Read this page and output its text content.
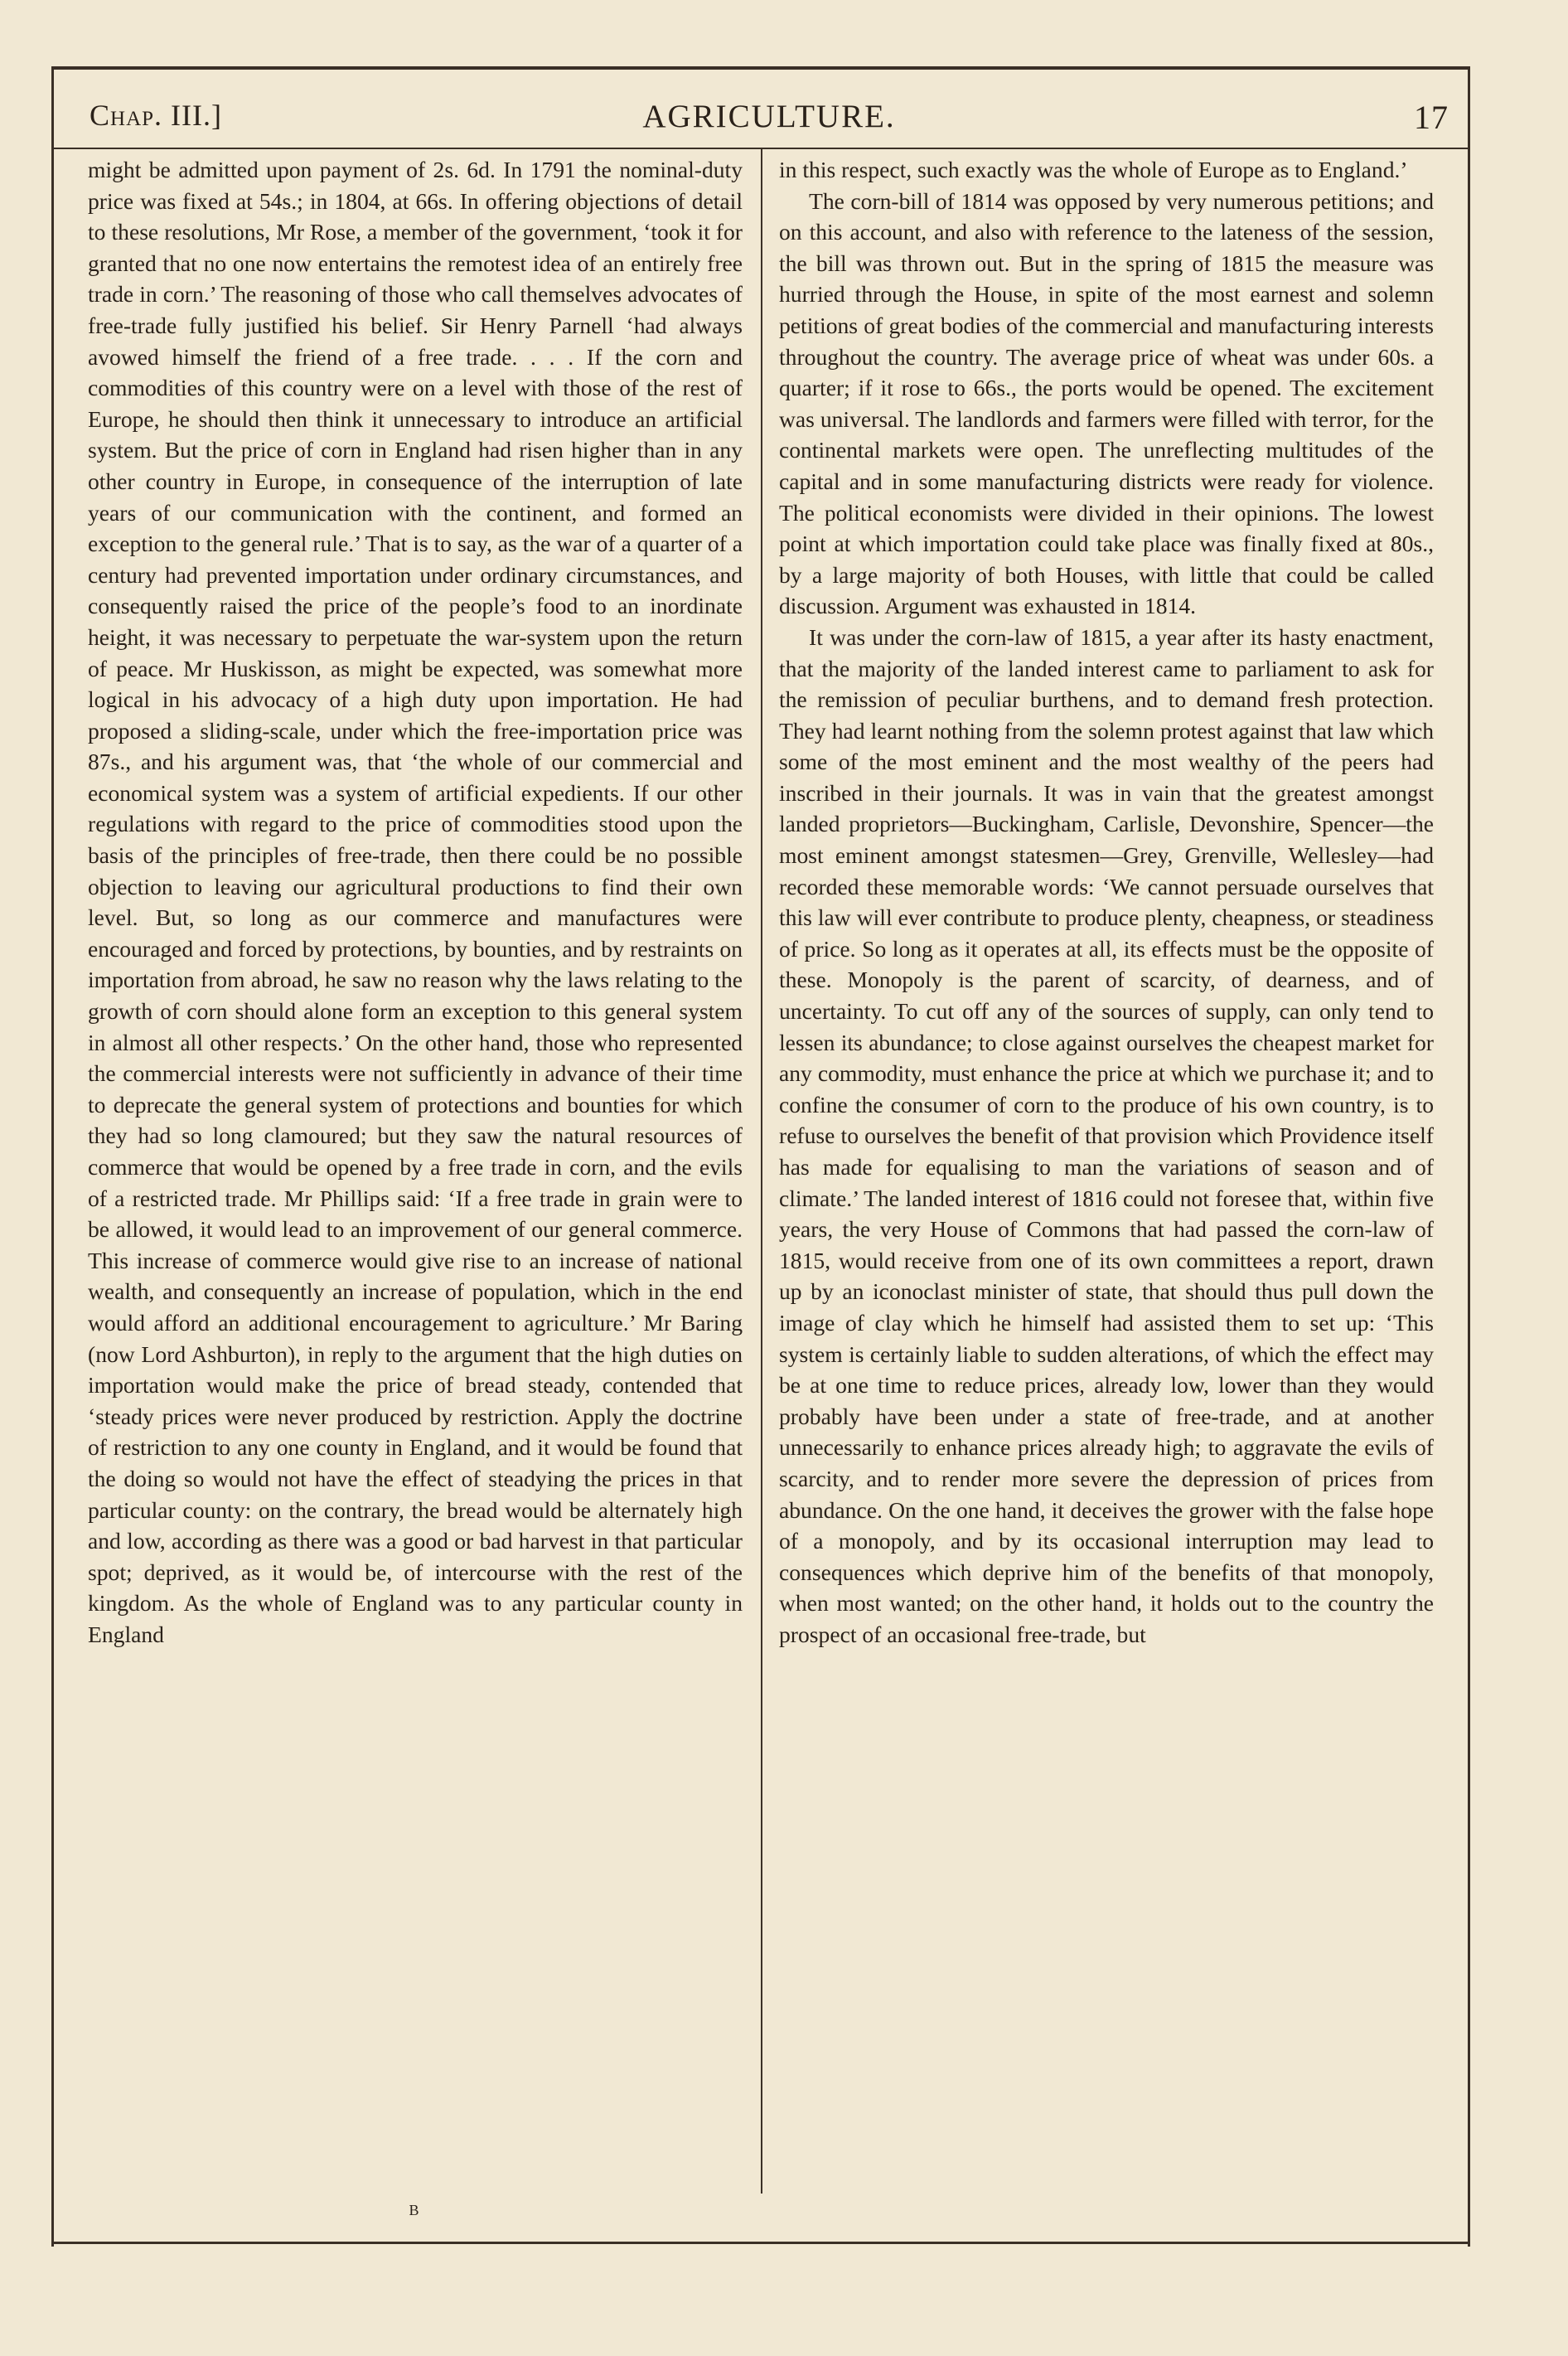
Chap. III.]	AGRICULTURE.	17

might be admitted upon payment of 2s. 6d. In 1791 the nominal-duty price was fixed at 54s.; in 1804, at 66s. In offering objections of detail to these resolutions, Mr Rose, a member of the government, ‘took it for granted that no one now entertains the remotest idea of an entirely free trade in corn.’ The reasoning of those who call themselves advocates of free-trade fully justified his belief. Sir Henry Parnell ‘had always avowed himself the friend of a free trade. . . . If the corn and commodities of this country were on a level with those of the rest of Europe, he should then think it unnecessary to introduce an artificial system. But the price of corn in England had risen higher than in any other country in Europe, in consequence of the interruption of late years of our communication with the continent, and formed an exception to the general rule.’ That is to say, as the war of a quarter of a century had prevented importation under ordinary circumstances, and consequently raised the price of the people’s food to an inordinate height, it was necessary to perpetuate the war-system upon the return of peace. Mr Huskisson, as might be expected, was somewhat more logical in his advocacy of a high duty upon importation. He had proposed a sliding-scale, under which the free-importation price was 87s., and his argument was, that ‘the whole of our commercial and economical system was a system of artificial expedients. If our other regulations with regard to the price of commodities stood upon the basis of the principles of free-trade, then there could be no possible objection to leaving our agricultural productions to find their own level. But, so long as our commerce and manufactures were encouraged and forced by protections, by bounties, and by restraints on importation from abroad, he saw no reason why the laws relating to the growth of corn should alone form an exception to this general system in almost all other respects.’ On the other hand, those who represented the commercial interests were not sufficiently in advance of their time to deprecate the general system of protections and bounties for which they had so long clamoured; but they saw the natural resources of commerce that would be opened by a free trade in corn, and the evils of a restricted trade. Mr Phillips said: ‘If a free trade in grain were to be allowed, it would lead to an improvement of our general commerce. This increase of commerce would give rise to an increase of national wealth, and consequently an increase of population, which in the end would afford an additional encouragement to agriculture.’ Mr Baring (now Lord Ashburton), in reply to the argument that the high duties on importation would make the price of bread steady, contended that ‘steady prices were never produced by restriction. Apply the doctrine of restriction to any one county in England, and it would be found that the doing so would not have the effect of steadying the prices in that particular county: on the contrary, the bread would be alternately high and low, according as there was a good or bad harvest in that particular spot; deprived, as it would be, of intercourse with the rest of the kingdom. As the whole of England was to any particular county in England

in this respect, such exactly was the whole of Europe as to England.’

The corn-bill of 1814 was opposed by very numerous petitions; and on this account, and also with reference to the lateness of the session, the bill was thrown out. But in the spring of 1815 the measure was hurried through the House, in spite of the most earnest and solemn petitions of great bodies of the commercial and manufacturing interests throughout the country. The average price of wheat was under 60s. a quarter; if it rose to 66s., the ports would be opened. The excitement was universal. The landlords and farmers were filled with terror, for the continental markets were open. The unreflecting multitudes of the capital and in some manufacturing districts were ready for violence. The political economists were divided in their opinions. The lowest point at which importation could take place was finally fixed at 80s., by a large majority of both Houses, with little that could be called discussion. Argument was exhausted in 1814.

It was under the corn-law of 1815, a year after its hasty enactment, that the majority of the landed interest came to parliament to ask for the remission of peculiar burthens, and to demand fresh protection. They had learnt nothing from the solemn protest against that law which some of the most eminent and the most wealthy of the peers had inscribed in their journals. It was in vain that the greatest amongst landed proprietors—Buckingham, Carlisle, Devonshire, Spencer—the most eminent amongst statesmen—Grey, Grenville, Wellesley—had recorded these memorable words: ‘We cannot persuade ourselves that this law will ever contribute to produce plenty, cheapness, or steadiness of price. So long as it operates at all, its effects must be the opposite of these. Monopoly is the parent of scarcity, of dearness, and of uncertainty. To cut off any of the sources of supply, can only tend to lessen its abundance; to close against ourselves the cheapest market for any commodity, must enhance the price at which we purchase it; and to confine the consumer of corn to the produce of his own country, is to refuse to ourselves the benefit of that provision which Providence itself has made for equalising to man the variations of season and of climate.’ The landed interest of 1816 could not foresee that, within five years, the very House of Commons that had passed the corn-law of 1815, would receive from one of its own committees a report, drawn up by an iconoclast minister of state, that should thus pull down the image of clay which he himself had assisted them to set up: ‘This system is certainly liable to sudden alterations, of which the effect may be at one time to reduce prices, already low, lower than they would probably have been under a state of free-trade, and at another unnecessarily to enhance prices already high; to aggravate the evils of scarcity, and to render more severe the depression of prices from abundance. On the one hand, it deceives the grower with the false hope of a monopoly, and by its occasional interruption may lead to consequences which deprive him of the benefits of that monopoly, when most wanted; on the other hand, it holds out to the country the prospect of an occasional free-trade, but

B
